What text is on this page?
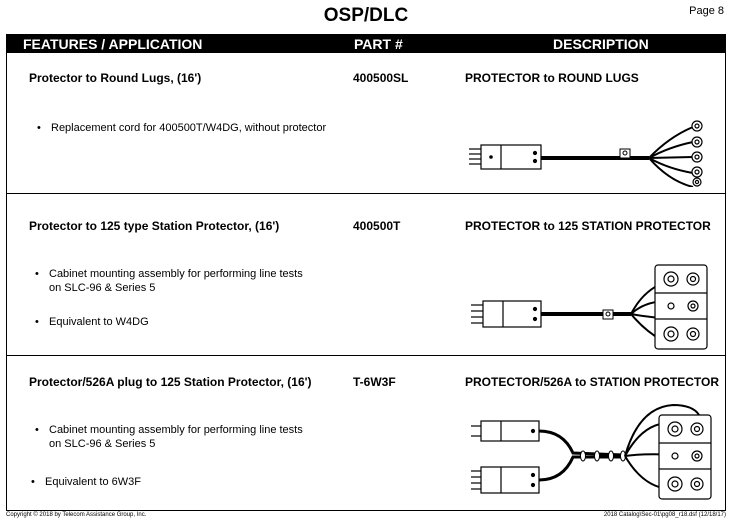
OSP/DLC	Page 8
FEATURES / APPLICATION	PART #	DESCRIPTION
Protector to Round Lugs, (16')	400500SL	PROTECTOR to ROUND LUGS
• Replacement cord for 400500T/W4DG, without protector
Protector to 125 type Station Protector, (16')	400500T	PROTECTOR to 125 STATION PROTECTOR
• Cabinet mounting assembly for performing line tests
on SLC-96 & Series 5
• Equivalent to W4DG
Protector/526A plug to 125 Station Protector, (16')	T-6W3F	PROTECTOR/526A to STATION PROTECTOR
• Cabinet mounting assembly for performing line tests
on SLC-96 & Series 5
• Equivalent to 6W3F
Copyright © 2018 by Telecom Assistance Group, Inc.	2018 Catalog\Sec-01\pg08_r18.dsf (12/18/17)
